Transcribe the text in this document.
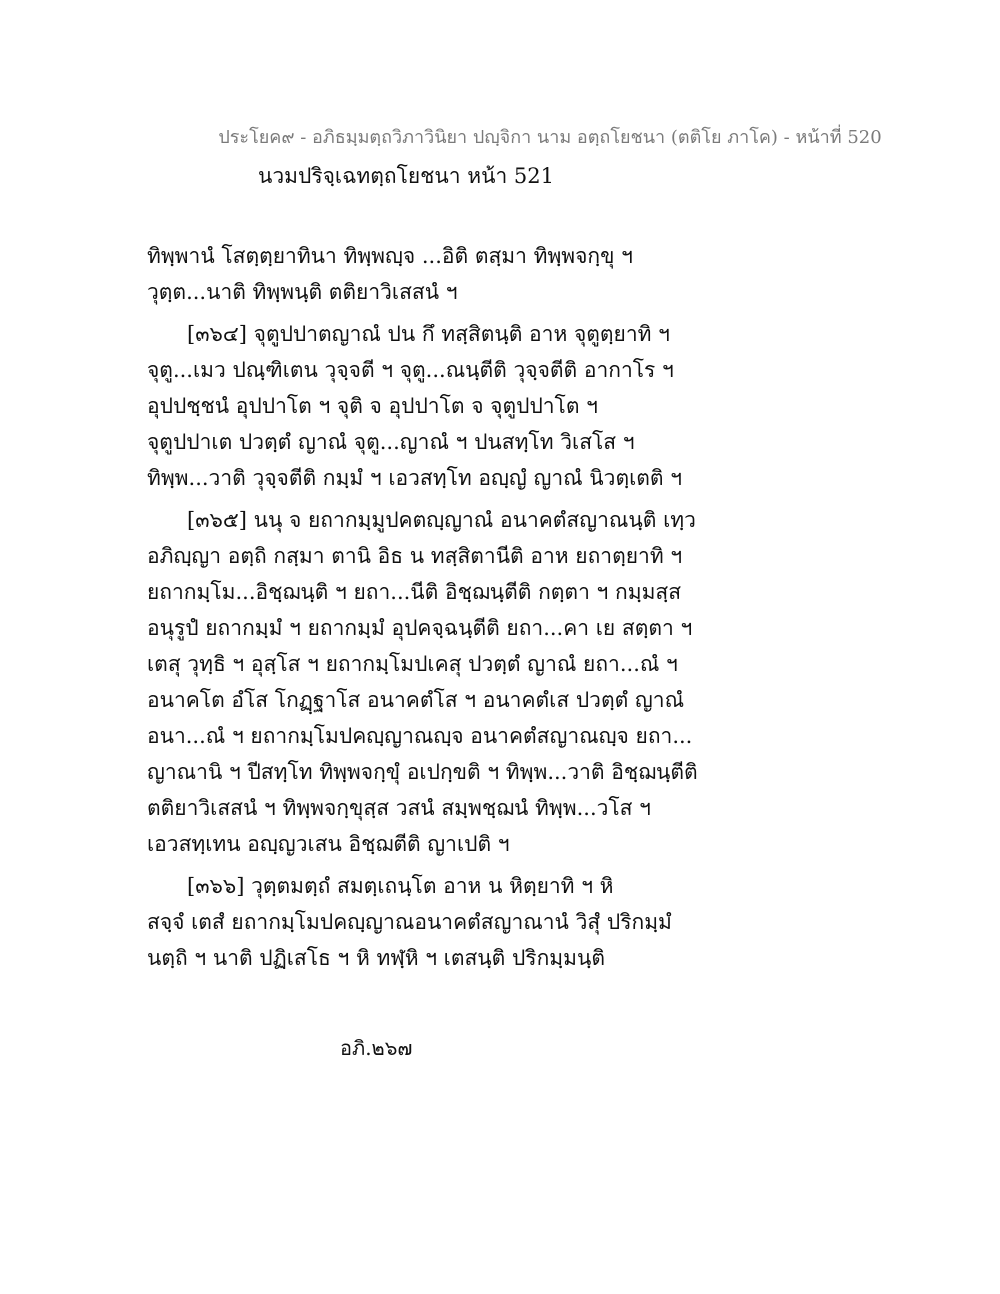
ประโยค๙ - อภิธมฺมตฺถวิภาวินิยา ปญฺจิกา นาม อตฺถโยชนา (ตติโย ภาโค) - หน้าที่ 520
นวมปริจฺเฉทตฺถโยชนา หน้า 521
ทิพฺพานํ โสตฺตฺยาทินา ทิพฺพญฺจ ...อิติ ตสฺมา ทิพฺพจกฺขุ ฯ
วุตฺต...นาติ ทิพฺพนฺติ ตติยาวิเสสนํ ฯ
[๓๖๔] จุตูปปาตญาณํ ปน กึ ทสฺสิตนฺติ อาห จุตูตฺยาทิ ฯ
จุตู...เมว ปณฺฑิเตน วุจฺจตี ฯ จุตู...ณนฺตีติ วุจฺจตีติ อากาโร ฯ
อุปปชฺชนํ อุปปาโต ฯ จุติ จ อุปปาโต จ จุตูปปาโต ฯ
จุตูปปาเต ปวตฺตํ ญาณํ จุตู...ญาณํ ฯ ปนสทฺโท วิเสโส ฯ
ทิพฺพ...วาติ วุจฺจตีติ กมฺมํ ฯ เอวสทฺโท อญฺญํ ญาณํ นิวตฺเตติ ฯ
[๓๖๕] นนุ จ ยถากมฺมูปคตญฺญาณํ อนาคตํสญาณนฺติ เทฺว
อภิญฺญา อตฺถิ กสฺมา ตานิ อิธ น ทสฺสิตานีติ อาห ยถาตฺยาทิ ฯ
ยถากมฺโม...อิชฺฌนฺติ ฯ ยถา...นีติ อิชฺฌนฺตีติ กตฺตา ฯ กมฺมสฺส
อนุรูปํ ยถากมฺมํ ฯ ยถากมฺมํ อุปคจฺฉนฺตีติ ยถา...คา เย สตฺตา ฯ
เตสุ วุทฺธิ ฯ อุสฺโส ฯ ยถากมฺโมปเคสุ ปวตฺตํ ญาณํ ยถา...ณํ ฯ
อนาคโต อํโส โกฏฺฐาโส อนาคตํโส ฯ อนาคตํเส ปวตฺตํ ญาณํ
อนา...ณํ ฯ ยถากมฺโมปคญฺญาณญฺจ อนาคตํสญาณญฺจ ยถา...
ญาณานิ ฯ ปีสทฺโท ทิพฺพจกฺขุํ อเปกฺขติ ฯ ทิพฺพ...วาติ อิชฺฌนฺตีติ
ตติยาวิเสสนํ ฯ ทิพฺพจกฺขุสฺส วสนํ สมฺพชฺฌนํ ทิพฺพ...วโส ฯ
เอวสทฺเทน อญฺญวเสน อิชฺฌตีติ ญาเปติ ฯ
[๓๖๖] วุตฺตมตฺถํ สมตฺเถนฺโต อาห น หิตฺยาทิ ฯ หิ
สจฺจํ เตสํ ยถากมฺโมปคญฺญาณอนาคตํสญาณานํ วิสุํ ปริกมฺมํ
นตฺถิ ฯ นาติ ปฏิเสโธ ฯ หิ ทฬฺหิ ฯ เตสนฺติ ปริกมฺมนฺติ
อภิ.๒๖๗
